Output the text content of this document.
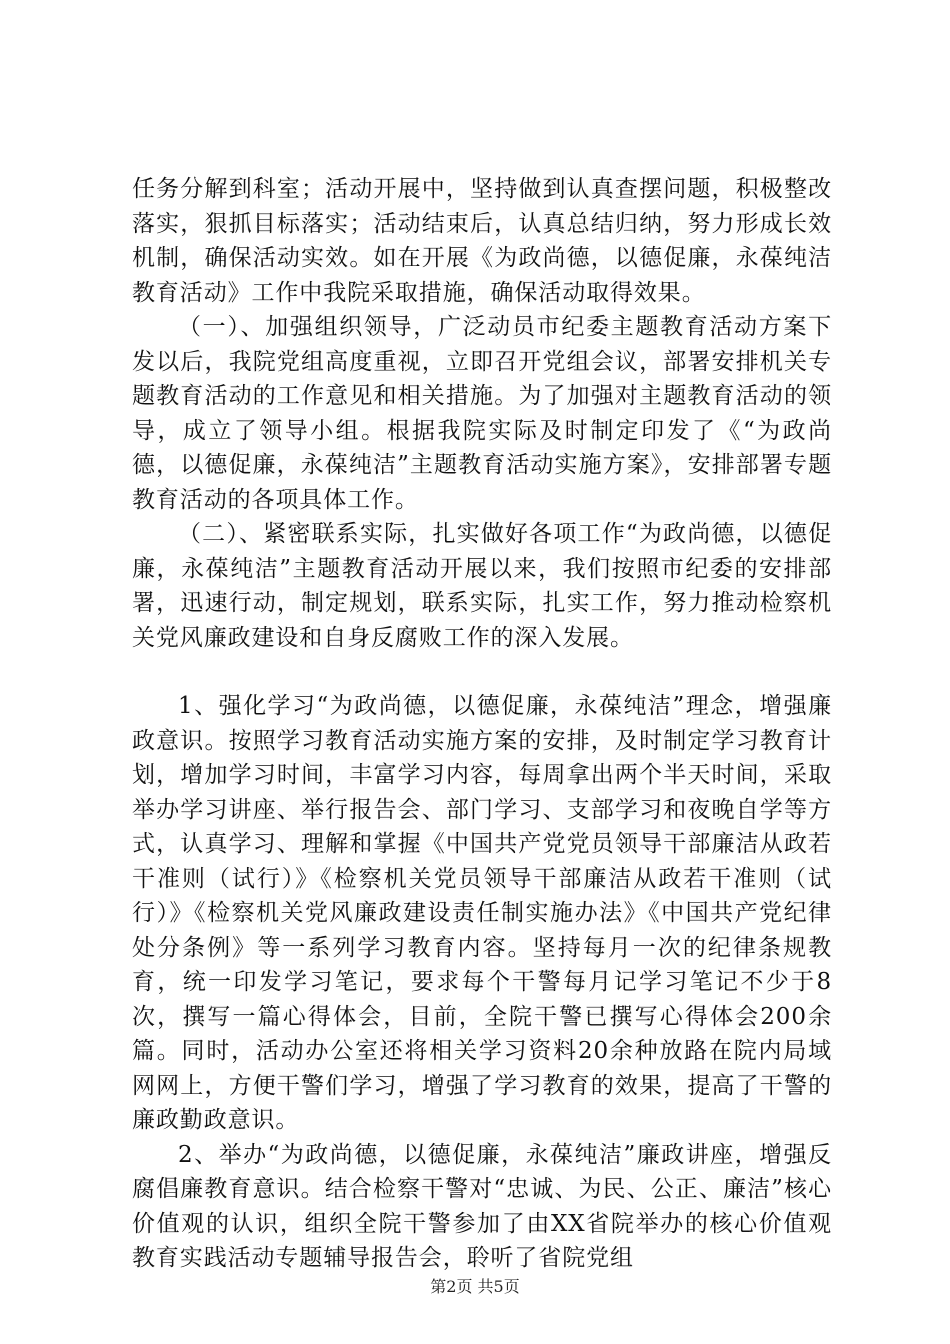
任务分解到科室；活动开展中，坚持做到认真查摆问题，积极整改落实，狠抓目标落实；活动结束后，认真总结归纳，努力形成长效机制，确保活动实效。如在开展《为政尚德，以德促廉，永葆纯洁教育活动》工作中我院采取措施，确保活动取得效果。

（一）、加强组织领导，广泛动员市纪委主题教育活动方案下发以后，我院党组高度重视，立即召开党组会议，部署安排机关专题教育活动的工作意见和相关措施。为了加强对主题教育活动的领导，成立了领导小组。根据我院实际及时制定印发了《“为政尚德，以德促廉，永葆纯洁”主题教育活动实施方案》，安排部署专题教育活动的各项具体工作。

（二）、紧密联系实际，扎实做好各项工作“为政尚德，以德促廉，永葆纯洁”主题教育活动开展以来，我们按照市纪委的安排部署，迅速行动，制定规划，联系实际，扎实工作，努力推动检察机关党风廉政建设和自身反腐败工作的深入发展。

1、强化学习“为政尚德，以德促廉，永葆纯洁”理念，增强廉政意识。按照学习教育活动实施方案的安排，及时制定学习教育计划，增加学习时间，丰富学习内容，每周拿出两个半天时间，采取举办学习讲座、举行报告会、部门学习、支部学习和夜晚自学等方式，认真学习、理解和掌握《中国共产党党员领导干部廉洁从政若干准则（试行）》《检察机关党员领导干部廉洁从政若干准则（试行）》《检察机关党风廉政建设责任制实施办法》《中国共产党纪律处分条例》等一系列学习教育内容。坚持每月一次的纪律条规教育，统一印发学习笔记，要求每个干警每月记学习笔记不少于8次，撰写一篇心得体会，目前，全院干警已撰写心得体会200余篇。同时，活动办公室还将相关学习资料20余种放路在院内局域网网上，方便干警们学习，增强了学习教育的效果，提高了干警的廉政勤政意识。

2、举办“为政尚德，以德促廉，永葆纯洁”廉政讲座，增强反腐倡廉教育意识。结合检察干警对“忠诚、为民、公正、廉洁”核心价值观的认识，组织全院干警参加了由XX省院举办的核心价值观教育实践活动专题辅导报告会，聆听了省院党组

第2页 共5页
